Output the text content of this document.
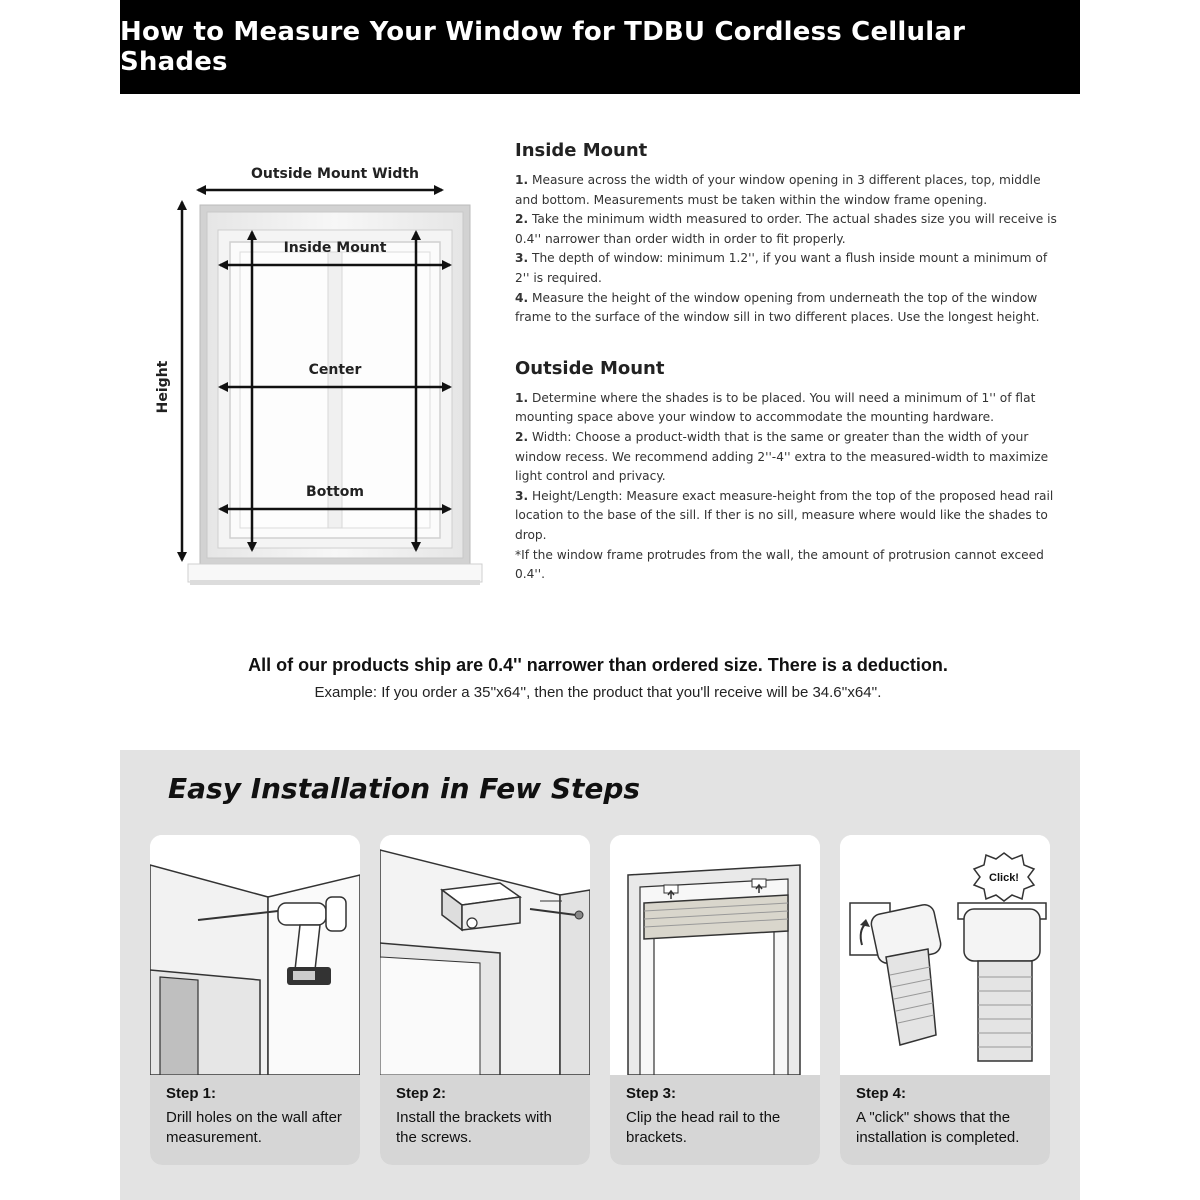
How to Measure Your Window for TDBU Cordless Cellular Shades
Outside Mount Width
Height
Inside Mount
Center
Bottom
Inside Mount

1. Measure across the width of your window opening in 3 different places, top, middle and bottom. Measurements must be taken within the window frame opening.

2. Take the minimum width measured to order. The actual shades size you will receive is 0.4'' narrower than order width in order to fit properly.

3. The depth of window: minimum 1.2'', if you want a flush inside mount a minimum of 2'' is required.

4. Measure the height of the window opening from underneath the top of the window frame to the surface of the window sill in two different places. Use the longest height.

Outside Mount

1. Determine where the shades is to be placed. You will need a minimum of 1'' of flat mounting space above your window to accommodate the mounting hardware.

2. Width: Choose a product-width that is the same or greater than the width of your window recess. We recommend adding 2''-4'' extra to the measured-width to maximize light control and privacy.

3. Height/Length: Measure exact measure-height from the top of the proposed head rail location to the base of the sill. If ther is no sill, measure where would like the shades to drop.

*If the window frame protrudes from the wall, the amount of protrusion cannot exceed 0.4''.

All of our products ship are 0.4'' narrower than ordered size. There is a deduction.
Example: If you order a 35''x64'', then the product that you'll receive will be 34.6''x64''.
Easy Installation in Few Steps
Step 1:
Drill holes on the wall after measurement.
Step 2:
Install the brackets with the screws.
Step 3:
Clip the head rail to the brackets.
Click!
Step 4:
A "click" shows that the installation is completed.
